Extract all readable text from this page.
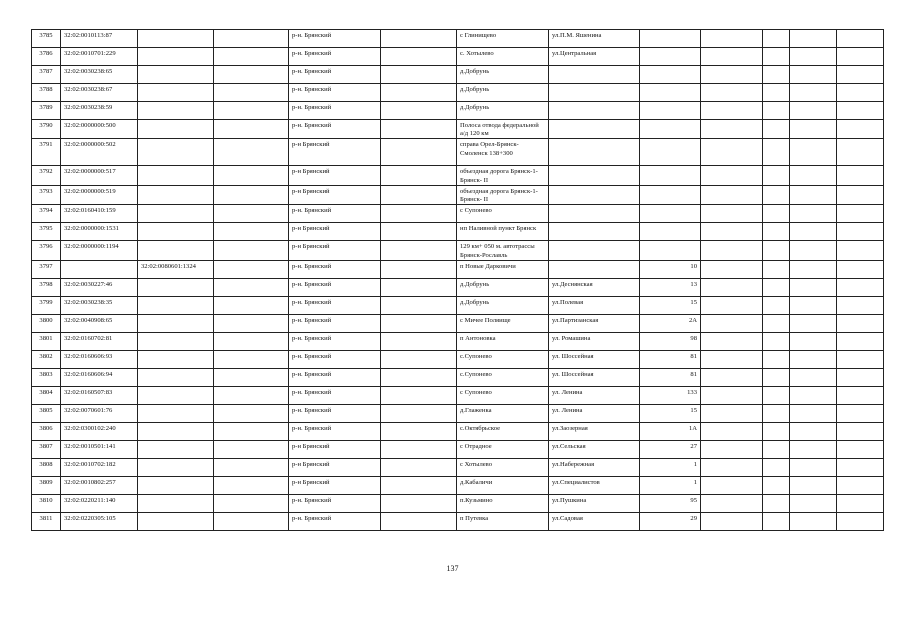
3785	32:02:0010113:87			р-н. Брянский		с Глинищево	ул.П.М. Яшенина					
3786	32:02:0010701:229			р-н. Брянский		с. Хотылево	ул.Центральная					
3787	32:02:0030238:65			р-н. Брянский		д.Добрунь						
3788	32:02:0030238:67			р-н. Брянский		д.Добрунь						
3789	32:02:0030238:59			р-н. Брянский		д.Добрунь						
3790	32:02:0000000:500			р-н. Брянский		Полоса отвода федеральной а/д 120 км						
3791	32:02:0000000:502			р-н Брянский		справа Орел-Брянск-Смоленск 138+300						
3792	32:02:0000000:517			р-н Брянский		объездная дорога Брянск-1- Брянск- II						
3793	32:02:0000000:519			р-н Брянский		объездная дорога Брянск-1- Брянск- II						
3794	32:02:0160410:159			р-н. Брянский		с Супонево						
3795	32:02:0000000:1531			р-н Брянский		нп Наливной пункт Брянск						
3796	32:02:0000000:1194			р-н Брянский		129 км+ 050 м. автотрассы Брянск-Рославль						
3797		32:02:0080601:1324		р-н. Брянский		п Новые Дарковичи		10				
3798	32:02:0030227:46			р-н. Брянский		д.Добрунь	ул.Деснянская	13				
3799	32:02:0030238:35			р-н. Брянский		д.Добрунь	ул.Полевая	15				
3800	32:02:0040908:65			р-н. Брянский		с Мичее Поляище	ул.Партизанская	2А				
3801	32:02:0160702:81			р-н. Брянский		п Антоновка	ул. Ромашина	98				
3802	32:02:0160606:93			р-н. Брянский		с.Супонево	ул. Шоссейная	81				
3803	32:02:0160606:94			р-н. Брянский		с.Супонево	ул. Шоссейная	81				
3804	32:02:0160507:83			р-н. Брянский		с Супонево	ул. Ленина	133				
3805	32:02:0070601:76			р-н. Брянский		д.Глаженка	ул. Ленина	15				
3806	32:02:0300102:240			р-н. Брянский		с.Октябрьское	ул.Заозерная	1А				
3807	32:02:0010501:141			р-н Брянский		с Отрадное	ул.Сельская	27				
3808	32:02:0010702:182			р-н Брянский		с Хотылево	ул.Набережная	1				
3809	32:02:0010802:257			р-н Брянский		д.Кабаличи	ул.Специалистов	1				
3810	32:02:0220211:140			р-н. Брянский		п.Кузьмино	ул.Пушкина	95				
3811	32:02:0220305:105			р-н. Брянский		п Путевка	ул.Садовая	29				
137
